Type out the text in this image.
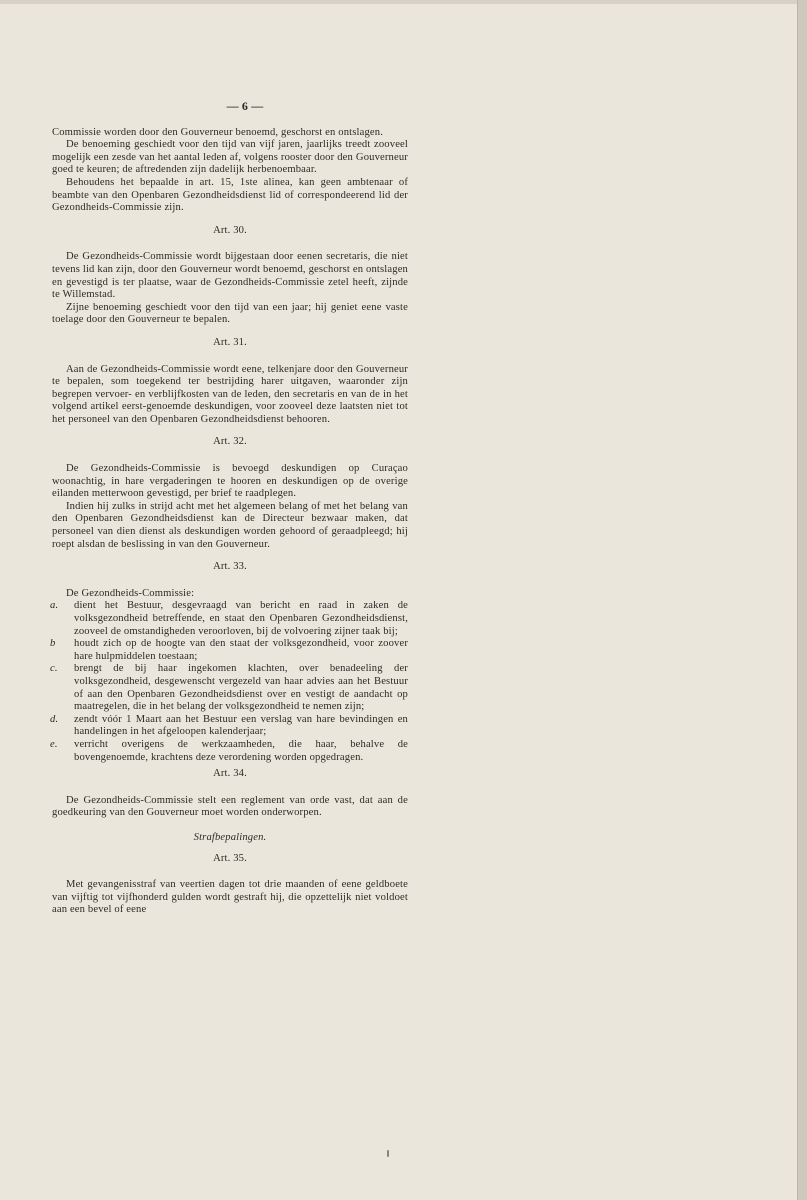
— 6 —
Commissie worden door den Gouverneur benoemd, geschorst en ontslagen.
De benoeming geschiedt voor den tijd van vijf jaren, jaarlijks treedt zooveel mogelijk een zesde van het aantal leden af, volgens rooster door den Gouverneur goed te keuren; de aftredenden zijn dadelijk herbenoembaar.
Behoudens het bepaalde in art. 15, 1ste alinea, kan geen ambtenaar of beambte van den Openbaren Gezondheidsdienst lid of correspondeerend lid der Gezondheids-Commissie zijn.
Art. 30.
De Gezondheids-Commissie wordt bijgestaan door eenen secretaris, die niet tevens lid kan zijn, door den Gouverneur wordt benoemd, geschorst en ontslagen en gevestigd is ter plaatse, waar de Gezondheids-Commissie zetel heeft, zijnde te Willemstad.
Zijne benoeming geschiedt voor den tijd van een jaar; hij geniet eene vaste toelage door den Gouverneur te bepalen.
Art. 31.
Aan de Gezondheids-Commissie wordt eene, telkenjare door den Gouverneur te bepalen, som toegekend ter bestrijding harer uitgaven, waaronder zijn begrepen vervoer- en verblijfkosten van de leden, den secretaris en van de in het volgend artikel eerst-genoemde deskundigen, voor zooveel deze laatsten niet tot het personeel van den Openbaren Gezondheidsdienst behooren.
Art. 32.
De Gezondheids-Commissie is bevoegd deskundigen op Curaçao woonachtig, in hare vergaderingen te hooren en deskundigen op de overige eilanden metterwoon gevestigd, per brief te raadplegen.
Indien hij zulks in strijd acht met het algemeen belang of met het belang van den Openbaren Gezondheidsdienst kan de Directeur bezwaar maken, dat personeel van dien dienst als deskundigen worden gehoord of geraadpleegd; hij roept alsdan de beslissing in van den Gouverneur.
Art. 33.
De Gezondheids-Commissie:
a.	dient het Bestuur, desgevraagd van bericht en raad in zaken de volksgezondheid betreffende, en staat den Openbaren Gezondheidsdienst, zooveel de omstandigheden veroorloven, bij de volvoering zijner taak bij;
b	houdt zich op de hoogte van den staat der volksgezondheid, voor zoover hare hulpmiddelen toestaan;
c.	brengt de bij haar ingekomen klachten, over benadeeling der volksgezondheid, desgewenscht vergezeld van haar advies aan het Bestuur of aan den Openbaren Gezondheidsdienst over en vestigt de aandacht op maatregelen, die in het belang der volksgezondheid te nemen zijn;
d.	zendt vóór 1 Maart aan het Bestuur een verslag van hare bevindingen en handelingen in het afgeloopen kalenderjaar;
e.	verricht overigens de werkzaamheden, die haar, behalve de bovengenoemde, krachtens deze verordening worden opgedragen.
Art. 34.
De Gezondheids-Commissie stelt een reglement van orde vast, dat aan de goedkeuring van den Gouverneur moet worden onderworpen.
Strafbepalingen.
Art. 35.
Met gevangenisstraf van veertien dagen tot drie maanden of eene geldboete van vijftig tot vijfhonderd gulden wordt gestraft hij, die opzettelijk niet voldoet aan een bevel of eene
